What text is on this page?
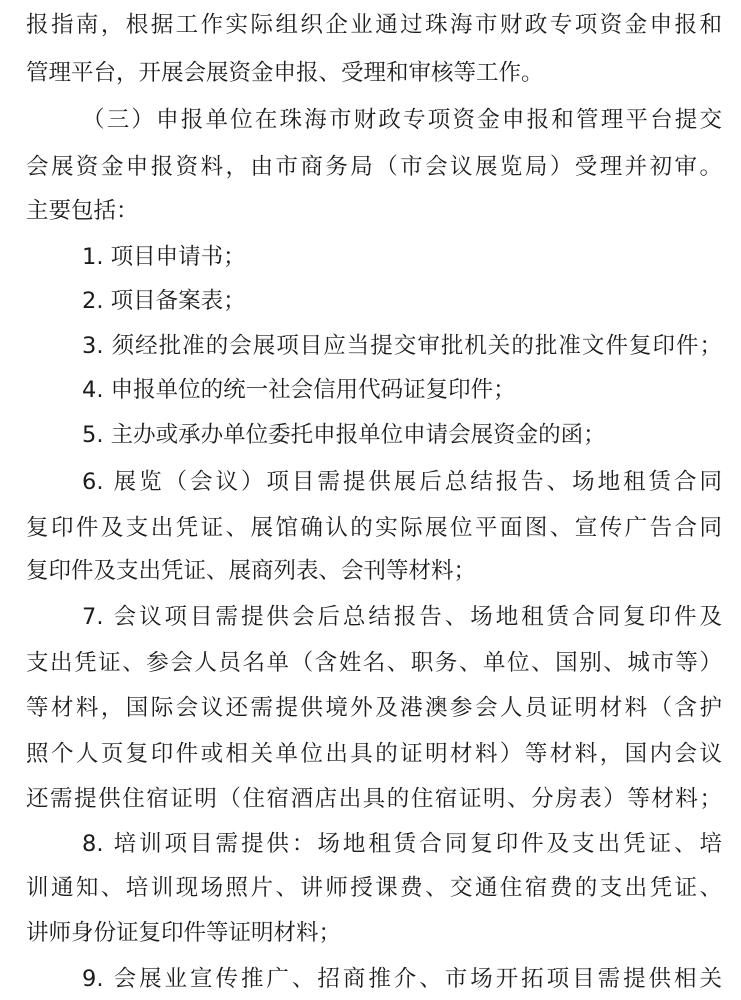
报指南，根据工作实际组织企业通过珠海市财政专项资金申报和
管理平台，开展会展资金申报、受理和审核等工作。
（三）申报单位在珠海市财政专项资金申报和管理平台提交
会展资金申报资料，由市商务局（市会议展览局）受理并初审。
主要包括：
1. 项目申请书；
2. 项目备案表；
3. 须经批准的会展项目应当提交审批机关的批准文件复印件；
4. 申报单位的统一社会信用代码证复印件；
5. 主办或承办单位委托申报单位申请会展资金的函；
6. 展览（会议）项目需提供展后总结报告、场地租赁合同
复印件及支出凭证、展馆确认的实际展位平面图、宣传广告合同
复印件及支出凭证、展商列表、会刊等材料；
7. 会议项目需提供会后总结报告、场地租赁合同复印件及
支出凭证、参会人员名单（含姓名、职务、单位、国别、城市等）
等材料，国际会议还需提供境外及港澳参会人员证明材料（含护
照个人页复印件或相关单位出具的证明材料）等材料，国内会议
还需提供住宿证明（住宿酒店出具的住宿证明、分房表）等材料；
8. 培训项目需提供：场地租赁合同复印件及支出凭证、培
训通知、培训现场照片、讲师授课费、交通住宿费的支出凭证、
讲师身份证复印件等证明材料；
9. 会展业宣传推广、招商推介、市场开拓项目需提供相关
